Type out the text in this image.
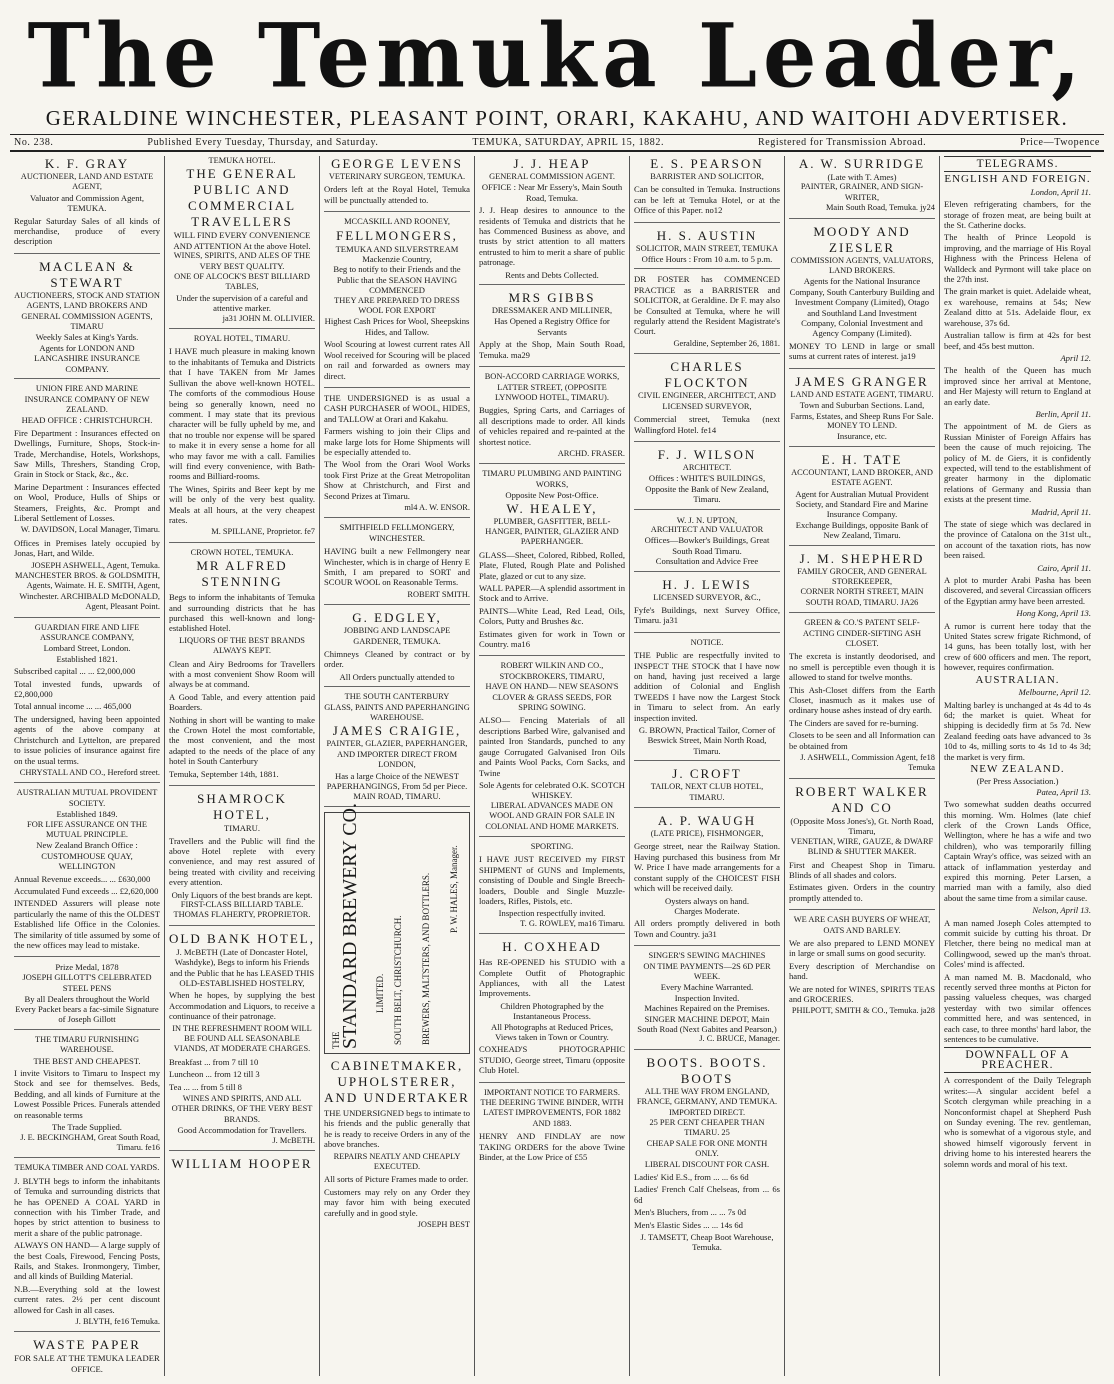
The Temuka Leader,
GERALDINE WINCHESTER, PLEASANT POINT, ORARI, KAKAHU, AND WAITOHI ADVERTISER.
No. 238.	Published Every Tuesday, Thursday, and Saturday.	TEMUKA, SATURDAY, APRIL 15, 1882.	Registered for Transmission Abroad.	Price—Twopence
K. F. GRAY
AUCTIONEER, LAND AND ESTATE AGENT,
Valuator and Commission Agent, TEMUKA.
Regular Saturday Sales of all kinds of merchandise, produce of every description
MACLEAN & STEWART
AUCTIONEERS, STOCK AND STATION AGENTS, LAND BROKERS AND GENERAL COMMISSION AGENTS, TIMARU
Weekly Sales at King's Yards.
Agents for LONDON AND LANCASHIRE INSURANCE COMPANY.
UNION FIRE AND MARINE INSURANCE COMPANY OF NEW ZEALAND.
HEAD OFFICE : CHRISTCHURCH.
Fire Department : Insurances effected on Dwellings, Furniture, Shops, Stock-in-Trade, Merchandise, Hotels, Workshops, Saw Mills, Threshers, Standing Crop, Grain in Stock or Stack, &c., &c.
Marine Department : Insurances effected on Wool, Produce, Hulls of Ships or Steamers, Freights, &c. Prompt and Liberal Settlement of Losses.
W. DAVIDSON, Local Manager, Timaru.
Offices in Premises lately occupied by Jonas, Hart, and Wilde.
JOSEPH ASHWELL, Agent, Temuka. MANCHESTER BROS. & GOLDSMITH, Agents, Waimate. H. E. SMITH, Agent, Winchester. ARCHIBALD McDONALD, Agent, Pleasant Point.
GUARDIAN FIRE AND LIFE ASSURANCE COMPANY,
Lombard Street, London.
Established 1821.
Subscribed capital ... ... £2,000,000
Total invested funds, upwards of £2,800,000
Total annual income ... ... 465,000
The undersigned, having been appointed agents of the above company at Christchurch and Lyttelton, are prepared to issue policies of insurance against fire on the usual terms.
CHRYSTALL AND CO., Hereford street.
AUSTRALIAN MUTUAL PROVIDENT SOCIETY.
Established 1849.
FOR LIFE ASSURANCE ON THE MUTUAL PRINCIPLE.
New Zealand Branch Office : CUSTOMHOUSE QUAY, WELLINGTON
Annual Revenue exceeds... ... £630,000
Accumulated Fund exceeds ... £2,620,000
INTENDED Assurers will please note particularly the name of this the OLDEST Established life Office in the Colonies. The similarity of title assumed by some of the new offices may lead to mistake.
Prize Medal, 1878
JOSEPH GILLOTT'S CELEBRATED
STEEL PENS
By all Dealers throughout the World
Every Packet bears a fac-simile Signature of Joseph Gillott
THE TIMARU FURNISHING WAREHOUSE.
THE BEST AND CHEAPEST.
I invite Visitors to Timaru to Inspect my Stock and see for themselves. Beds, Bedding, and all kinds of Furniture at the Lowest Possible Prices. Funerals attended on reasonable terms
The Trade Supplied.
J. E. BECKINGHAM, Great South Road, Timaru. fe16
TEMUKA TIMBER AND COAL YARDS.
J. BLYTH begs to inform the inhabitants of Temuka and surrounding districts that he has OPENED A COAL YARD in connection with his Timber Trade, and hopes by strict attention to business to merit a share of the public patronage.
ALWAYS ON HAND— A large supply of the best Coals, Firewood, Fencing Posts, Rails, and Stakes. Ironmongery, Timber, and all kinds of Building Material.
N.B.—Everything sold at the lowest current rates. 2½ per cent discount allowed for Cash in all cases.
J. BLYTH, fe16 Temuka.
WASTE PAPER
FOR SALE AT THE TEMUKA LEADER OFFICE.
TEMUKA HOTEL.
THE GENERAL PUBLIC AND COMMERCIAL TRAVELLERS
WILL FIND EVERY CONVENIENCE AND ATTENTION At the above Hotel.
WINES, SPIRITS, AND ALES OF THE VERY BEST QUALITY.
ONE OF ALCOCK'S BEST BILLIARD TABLES,
Under the supervision of a careful and attentive marker.
ja31 JOHN M. OLLIVIER.
ROYAL HOTEL, TIMARU.
I HAVE much pleasure in making known to the inhabitants of Temuka and Districts that I have TAKEN from Mr James Sullivan the above well-known HOTEL. The comforts of the commodious House being so generally known, need no comment. I may state that its previous character will be fully upheld by me, and that no trouble nor expense will be spared to make it in every sense a home for all who may favor me with a call. Families will find every convenience, with Bath-rooms and Billiard-rooms.
The Wines, Spirits and Beer kept by me will be only of the very best quality. Meals at all hours, at the very cheapest rates.
M. SPILLANE, Proprietor. fe7
CROWN HOTEL, TEMUKA.
MR ALFRED STENNING
Begs to inform the inhabitants of Temuka and surrounding districts that he has purchased this well-known and long-established Hotel.
LIQUORS OF THE BEST BRANDS ALWAYS KEPT.
Clean and Airy Bedrooms for Travellers with a most convenient Show Room will always be at command.
A Good Table, and every attention paid Boarders.
Nothing in short will be wanting to make the Crown Hotel the most comfortable, the most convenient, and the most adapted to the needs of the place of any hotel in South Canterbury
Temuka, September 14th, 1881.
SHAMROCK HOTEL,
TIMARU.
Travellers and the Public will find the above Hotel replete with every convenience, and may rest assured of being treated with civility and receiving every attention.
Only Liquors of the best brands are kept.
FIRST-CLASS BILLIARD TABLE. THOMAS FLAHERTY, PROPRIETOR.
OLD BANK HOTEL,
J. McBETH (Late of Doncaster Hotel, Washdyke), Begs to inform his Friends and the Public that he has LEASED THIS OLD-ESTABLISHED HOSTELRY,
When he hopes, by supplying the best Accommodation and Liquors, to receive a continuance of their patronage.
IN THE REFRESHMENT ROOM WILL BE FOUND ALL SEASONABLE VIANDS, AT MODERATE CHARGES.
Breakfast ... from 7 till 10
Luncheon ... from 12 till 3
Tea ... ... from 5 till 8
WINES AND SPIRITS, AND ALL OTHER DRINKS, OF THE VERY BEST BRANDS.
Good Accommodation for Travellers.
J. McBETH.
WILLIAM HOOPER
GEORGE LEVENS
VETERINARY SURGEON, TEMUKA.
Orders left at the Royal Hotel, Temuka will be punctually attended to.
MCCASKILL AND ROONEY,
FELLMONGERS,
TEMUKA AND SILVERSTREAM Mackenzie Country,
Beg to notify to their Friends and the Public that the SEASON HAVING COMMENCED
THEY ARE PREPARED TO DRESS WOOL FOR EXPORT
Highest Cash Prices for Wool, Sheepskins Hides, and Tallow.
Wool Scouring at lowest current rates All Wool received for Scouring will be placed on rail and forwarded as owners may direct.
THE UNDERSIGNED is as usual a CASH PURCHASER of WOOL, HIDES, and TALLOW at Orari and Kakahu.
Farmers wishing to join their Clips and make large lots for Home Shipments will be especially attended to.
The Wool from the Orari Wool Works took First Prize at the Great Metropolitan Show at Christchurch, and First and Second Prizes at Timaru.
ml4 A. W. ENSOR.
SMITHFIELD FELLMONGERY, WINCHESTER.
HAVING built a new Fellmongery near Winchester, which is in charge of Henry E Smith, I am prepared to SORT and SCOUR WOOL on Reasonable Terms.
ROBERT SMITH.
G. EDGLEY,
JOBBING AND LANDSCAPE GARDENER, TEMUKA.
Chimneys Cleaned by contract or by order.
All Orders punctually attended to
THE SOUTH CANTERBURY
GLASS, PAINTS AND PAPERHANGING WAREHOUSE.
JAMES CRAIGIE,
PAINTER, GLAZIER, PAPERHANGER, AND IMPORTER DIRECT FROM LONDON,
Has a large Choice of the NEWEST PAPERHANGINGS, From 5d per Piece.
MAIN ROAD, TIMARU.
THE
STANDARD BREWERY CO. LIMITED. SOUTH BELT, CHRISTCHURCH. BREWERS, MALTSTERS, AND BOTTLERS. P. W. HALES, Manager.
CABINETMAKER, UPHOLSTERER, AND UNDERTAKER
THE UNDERSIGNED begs to intimate to his friends and the public generally that he is ready to receive Orders in any of the above branches.
REPAIRS NEATLY AND CHEAPLY EXECUTED.
All sorts of Picture Frames made to order.
Customers may rely on any Order they may favor him with being executed carefully and in good style.
JOSEPH BEST
J. J. HEAP
GENERAL COMMISSION AGENT.
OFFICE : Near Mr Essery's, Main South Road, Temuka.
J. J. Heap desires to announce to the residents of Temuka and districts that he has Commenced Business as above, and trusts by strict attention to all matters entrusted to him to merit a share of public patronage.
Rents and Debts Collected.
MRS GIBBS
DRESSMAKER AND MILLINER,
Has Opened a Registry Office for Servants
Apply at the Shop, Main South Road, Temuka. ma29
BON-ACCORD CARRIAGE WORKS, LATTER STREET, (OPPOSITE LYNWOOD HOTEL, TIMARU).
Buggies, Spring Carts, and Carriages of all descriptions made to order. All kinds of vehicles repaired and re-painted at the shortest notice.
ARCHD. FRASER.
TIMARU PLUMBING AND PAINTING WORKS,
Opposite New Post-Office.
W. HEALEY,
PLUMBER, GASFITTER, BELL-HANGER, PAINTER, GLAZIER AND PAPERHANGER.
GLASS—Sheet, Colored, Ribbed, Rolled, Plate, Fluted, Rough Plate and Polished Plate, glazed or cut to any size.
WALL PAPER—A splendid assortment in Stock and to Arrive.
PAINTS—White Lead, Red Lead, Oils, Colors, Putty and Brushes &c.
Estimates given for work in Town or Country. ma16
ROBERT WILKIN AND CO., STOCKBROKERS, TIMARU,
HAVE ON HAND— NEW SEASON'S CLOVER & GRASS SEEDS, FOR SPRING SOWING.
ALSO— Fencing Materials of all descriptions Barbed Wire, galvanised and painted Iron Standards, punched to any gauge Corrugated Galvanised Iron Oils and Paints Wool Packs, Corn Sacks, and Twine
Sole Agents for celebrated O.K. SCOTCH WHISKEY.
LIBERAL ADVANCES MADE ON WOOL AND GRAIN FOR SALE IN COLONIAL AND HOME MARKETS.
SPORTING.
I HAVE JUST RECEIVED my FIRST SHIPMENT of GUNS and Implements, consisting of Double and Single Breech-loaders, Double and Single Muzzle-loaders, Rifles, Pistols, etc.
Inspection respectfully invited.
T. G. ROWLEY, ma16 Timaru.
H. COXHEAD
Has RE-OPENED his STUDIO with a Complete Outfit of Photographic Appliances, with all the Latest Improvements.
Children Photographed by the Instantaneous Process.
All Photographs at Reduced Prices,
Views taken in Town or Country.
COXHEAD'S PHOTOGRAPHIC STUDIO, George street, Timaru (opposite Club Hotel.
IMPORTANT NOTICE TO FARMERS.
THE DEERING TWINE BINDER, WITH LATEST IMPROVEMENTS, FOR 1882 AND 1883.
HENRY AND FINDLAY are now TAKING ORDERS for the above Twine Binder, at the Low Price of £55
E. S. PEARSON
BARRISTER AND SOLICITOR,
Can be consulted in Temuka. Instructions can be left at Temuka Hotel, or at the Office of this Paper. no12
H. S. AUSTIN
SOLICITOR, MAIN STREET, TEMUKA
Office Hours : From 10 a.m. to 5 p.m.
DR FOSTER has COMMENCED PRACTICE as a BARRISTER and SOLICITOR, at Geraldine. Dr F. may also be Consulted at Temuka, where he will regularly attend the Resident Magistrate's Court.
Geraldine, September 26, 1881.
CHARLES FLOCKTON
CIVIL ENGINEER, ARCHITECT, AND LICENSED SURVEYOR,
Commercial street, Temuka (next Wallingford Hotel. fe14
F. J. WILSON
ARCHITECT.
Offices : WHITE'S BUILDINGS, Opposite the Bank of New Zealand, Timaru.
W. J. N. UPTON,
ARCHITECT AND VALUATOR
Offices—Bowker's Buildings, Great South Road Timaru.
Consultation and Advice Free
H. J. LEWIS
LICENSED SURVEYOR, &C.,
Fyfe's Buildings, next Survey Office, Timaru. ja31
NOTICE.
THE Public are respectfully invited to INSPECT THE STOCK that I have now on hand, having just received a large addition of Colonial and English TWEEDS I have now the Largest Stock in Timaru to select from. An early inspection invited.
G. BROWN, Practical Tailor, Corner of Beswick Street, Main North Road, Timaru.
J. CROFT
TAILOR, NEXT CLUB HOTEL, TIMARU.
A. P. WAUGH
(LATE PRICE), FISHMONGER,
George street, near the Railway Station. Having purchased this business from Mr W. Price I have made arrangements for a constant supply of the CHOICEST FISH which will be received daily.
Oysters always on hand.
Charges Moderate.
All orders promptly delivered in both Town and Country. ja31
SINGER'S SEWING MACHINES
ON TIME PAYMENTS—2S 6D PER WEEK.
Every Machine Warranted.
Inspection Invited.
Machines Repaired on the Premises.
SINGER MACHINE DEPOT, Main South Road (Next Gabites and Pearson,)
J. C. BRUCE, Manager.
BOOTS. BOOTS. BOOTS
ALL THE WAY FROM ENGLAND, FRANCE, GERMANY, AND TEMUKA.
IMPORTED DIRECT.
25 PER CENT CHEAPER THAN TIMARU. 25
CHEAP SALE FOR ONE MONTH ONLY.
LIBERAL DISCOUNT FOR CASH.
Ladies' Kid E.S., from ... ... 6s 6d
Ladies' French Calf Chelseas, from ... 6s 6d
Men's Bluchers, from ... ... 7s 0d
Men's Elastic Sides ... ... 14s 6d
J. TAMSETT, Cheap Boot Warehouse, Temuka.
A. W. SURRIDGE
(Late with T. Ames)
PAINTER, GRAINER, AND SIGN-WRITER,
Main South Road, Temuka. jy24
MOODY AND ZIESLER
COMMISSION AGENTS, VALUATORS, LAND BROKERS.
Agents for the National Insurance Company, South Canterbury Building and Investment Company (Limited), Otago and Southland Land Investment Company, Colonial Investment and Agency Company (Limited).
MONEY TO LEND in large or small sums at current rates of interest. ja19
JAMES GRANGER
LAND AND ESTATE AGENT, TIMARU.
Town and Suburban Sections. Land, Farms, Estates, and Sheep Runs For Sale.
MONEY TO LEND.
Insurance, etc.
E. H. TATE
ACCOUNTANT, LAND BROKER, AND ESTATE AGENT.
Agent for Australian Mutual Provident Society, and Standard Fire and Marine Insurance Company.
Exchange Buildings, opposite Bank of New Zealand, Timaru.
J. M. SHEPHERD
FAMILY GROCER, AND GENERAL STOREKEEPER,
CORNER NORTH STREET, MAIN SOUTH ROAD, TIMARU. JA26
GREEN & CO.'S PATENT SELF-ACTING CINDER-SIFTING ASH CLOSET.
The excreta is instantly deodorised, and no smell is perceptible even though it is allowed to stand for twelve months.
This Ash-Closet differs from the Earth Closet, inasmuch as it makes use of ordinary house ashes instead of dry earth.
The Cinders are saved for re-burning.
Closets to be seen and all Information can be obtained from
J. ASHWELL, Commission Agent, fe18 Temuka
ROBERT WALKER AND CO
(Opposite Moss Jones's), Gt. North Road, Timaru,
VENETIAN, WIRE, GAUZE, & DWARF BLIND & SHUTTER MAKER.
First and Cheapest Shop in Timaru. Blinds of all shades and colors.
Estimates given. Orders in the country promptly attended to.
WE ARE CASH BUYERS OF WHEAT, OATS AND BARLEY.
We are also prepared to LEND MONEY in large or small sums on good security.
Every description of Merchandise on hand.
We are noted for WINES, SPIRITS TEAS and GROCERIES.
PHILPOTT, SMITH & CO., Temuka. ja28
TELEGRAMS.
ENGLISH AND FOREIGN.
London, April 11.
Eleven refrigerating chambers, for the storage of frozen meat, are being built at the St. Catherine docks.
The health of Prince Leopold is improving, and the marriage of His Royal Highness with the Princess Helena of Walldeck and Pyrmont will take place on the 27th inst.
The grain market is quiet. Adelaide wheat, ex warehouse, remains at 54s; New Zealand ditto at 51s. Adelaide flour, ex warehouse, 37s 6d.
Australian tallow is firm at 42s for best beef, and 45s best mutton.
April 12.
The health of the Queen has much improved since her arrival at Mentone, and Her Majesty will return to England at an early date.
Berlin, April 11.
The appointment of M. de Giers as Russian Minister of Foreign Affairs has been the cause of much rejoicing. The policy of M. de Giers, it is confidently expected, will tend to the establishment of greater harmony in the diplomatic relations of Germany and Russia than exists at the present time.
Madrid, April 11.
The state of siege which was declared in the province of Catalona on the 31st ult., on account of the taxation riots, has now been raised.
Cairo, April 11.
A plot to murder Arabi Pasha has been discovered, and several Circassian officers of the Egyptian army have been arrested.
Hong Kong, April 13.
A rumor is current here today that the United States screw frigate Richmond, of 14 guns, has been totally lost, with her crew of 600 officers and men. The report, however, requires confirmation.
AUSTRALIAN.
Melbourne, April 12.
Malting barley is unchanged at 4s 4d to 4s 6d; the market is quiet. Wheat for shipping is decidedly firm at 5s 7d. New Zealand feeding oats have advanced to 3s 10d to 4s, milling sorts to 4s 1d to 4s 3d; the market is very firm.
NEW ZEALAND.
(Per Press Association.)
Patea, April 13.
Two somewhat sudden deaths occurred this morning. Wm. Holmes (late chief clerk of the Crown Lands Office, Wellington, where he has a wife and two children), who was temporarily filling Captain Wray's office, was seized with an attack of inflammation yesterday and expired this morning. Peter Larsen, a married man with a family, also died about the same time from a similar cause.
Nelson, April 13.
A man named Joseph Coles attempted to commit suicide by cutting his throat. Dr Fletcher, there being no medical man at Collingwood, sewed up the man's throat. Coles' mind is affected.
A man named M. B. Macdonald, who recently served three months at Picton for passing valueless cheques, was charged yesterday with two similar offences committed here, and was sentenced, in each case, to three months' hard labor, the sentences to be cumulative.
DOWNFALL OF A PREACHER.
A correspondent of the Daily Telegraph writes:—A singular accident befel a Scotch clergyman while preaching in a Nonconformist chapel at Shepherd Push on Sunday evening. The rev. gentleman, who is somewhat of a vigorous style, and showed himself vigorously fervent in driving home to his interested hearers the solemn words and moral of his text.
